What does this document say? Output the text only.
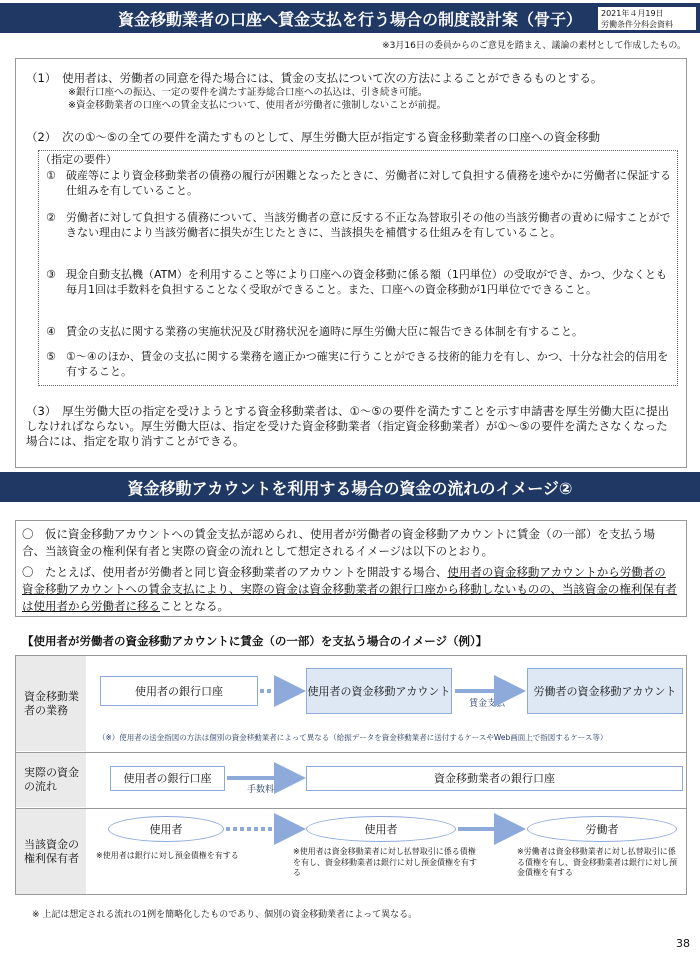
資金移動業者の口座へ賃金支払を行う場合の制度設計案（骨子） 2021年４月19日
労働条件分科会資料
※3月16日の委員からのご意見を踏まえ、議論の素材として作成したもの。
（1）　使用者は、労働者の同意を得た場合には、賃金の支払について次の方法によることができるものとする。
※銀行口座への振込、一定の要件を満たす証券総合口座への払込は、引き続き可能。
※資金移動業者の口座への賃金支払について、使用者が労働者に強制しないことが前提。
（2）　次の①～⑤の全ての要件を満たすものとして、厚生労働大臣が指定する資金移動業者の口座への資金移動
（指定の要件）
① 破産等により資金移動業者の債務の履行が困難となったときに、労働者に対して負担する債務を速やかに労働者に保証する仕組みを有していること。
② 労働者に対して負担する債務について、当該労働者の意に反する不正な為替取引その他の当該労働者の責めに帰すことができない理由により当該労働者に損失が生じたときに、当該損失を補償する仕組みを有していること。
③ 現金自動支払機（ATM）を利用すること等により口座への資金移動に係る額（1円単位）の受取ができ、かつ、少なくとも毎月1回は手数料を負担することなく受取ができること。また、口座への資金移動が1円単位でできること。
④ 賃金の支払に関する業務の実施状況及び財務状況を適時に厚生労働大臣に報告できる体制を有すること。
⑤ ①～④のほか、賃金の支払に関する業務を適正かつ確実に行うことができる技術的能力を有し、かつ、十分な社会的信用を有すること。
（3）　厚生労働大臣の指定を受けようとする資金移動業者は、①～⑤の要件を満たすことを示す申請書を厚生労働大臣に提出しなければならない。厚生労働大臣は、指定を受けた資金移動業者（指定資金移動業者）が①～⑤の要件を満たさなくなった場合には、指定を取り消すことができる。
資金移動アカウントを利用する場合の資金の流れのイメージ②
〇　仮に資金移動アカウントへの賃金支払が認められ、使用者が労働者の資金移動アカウントに賃金（の一部）を支払う場合、当該資金の権利保有者と実際の資金の流れとして想定されるイメージは以下のとおり。
〇　たとえば、使用者が労働者と同じ資金移動業者のアカウントを開設する場合、使用者の資金移動アカウントから労働者の資金移動アカウントへの賃金支払により、実際の資金は資金移動業者の銀行口座から移動しないものの、当該資金の権利保有者は使用者から労働者に移ることとなる。
【使用者が労働者の資金移動アカウントに賃金（の一部）を支払う場合のイメージ（例）】
資金移動業者の業務
実際の資金の流れ
当該資金の権利保有者
使用者の銀行口座	使用者の資金移動アカウント	労働者の資金移動アカウント
賃金支払
（※）使用者の送金指図の方法は個別の資金移動業者によって異なる（給振データを資金移動業者に送付するケースやWeb画面上で指図するケース等）
使用者の銀行口座	資金移動業者の銀行口座
手数料
使用者	使用者	労働者
※使用者は銀行に対し預金債権を有する	※使用者は資金移動業者に対し払替取引に係る債権を有し、資金移動業者は銀行に対し預金債権を有する
※労働者は資金移動業者に対し払替取引に係る債権を有し、資金移動業者は銀行に対し預金債権を有する
※ 上記は想定される流れの1例を簡略化したものであり、個別の資金移動業者によって異なる。
38
